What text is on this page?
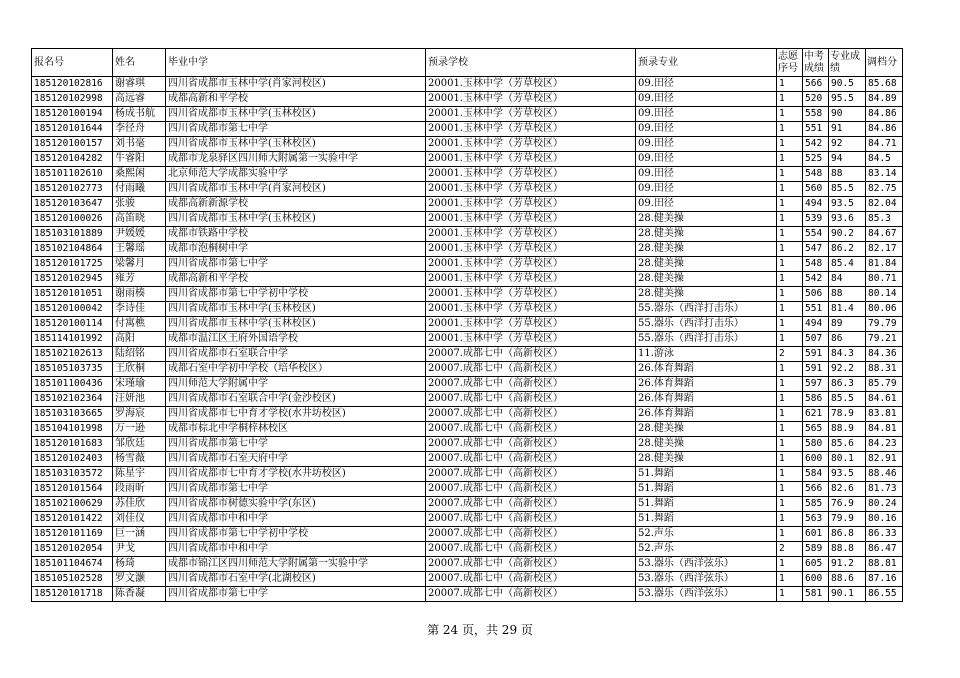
报名号	姓名	毕业中学	预录学校	预录专业	志愿序号	中考成绩	专业成绩	调档分
185120102816	谢睿琪	四川省成都市玉林中学(肖家河校区)	20001.玉林中学（芳草校区）	09.田径	1	566	90.5	85.68
185120102998	高远睿	成都高新和平学校	20001.玉林中学（芳草校区）	09.田径	1	520	95.5	84.89
185120100194	杨成书航	四川省成都市玉林中学(玉林校区)	20001.玉林中学（芳草校区）	09.田径	1	558	90	84.86
185120101644	李径舟	四川省成都市第七中学	20001.玉林中学（芳草校区）	09.田径	1	551	91	84.86
185120100157	刘书毫	四川省成都市玉林中学(玉林校区)	20001.玉林中学（芳草校区）	09.田径	1	542	92	84.71
185120104282	牛睿阳	成都市龙泉驿区四川师大附属第一实验中学	20001.玉林中学（芳草校区）	09.田径	1	525	94	84.5
185101102610	桑熙闲	北京师范大学成都实验中学	20001.玉林中学（芳草校区）	09.田径	1	548	88	83.14
185120102773	付雨曦	四川省成都市玉林中学(肖家河校区)	20001.玉林中学（芳草校区）	09.田径	1	560	85.5	82.75
185120103647	张骏	成都高新新源学校	20001.玉林中学（芳草校区）	09.田径	1	494	93.5	82.04
185120100026	高笛晓	四川省成都市玉林中学(玉林校区)	20001.玉林中学（芳草校区）	28.健美操	1	539	93.6	85.3
185103101889	尹媛媛	成都市铁路中学校	20001.玉林中学（芳草校区）	28.健美操	1	554	90.2	84.67
185102104864	王馨瑶	成都市泡桐树中学	20001.玉林中学（芳草校区）	28.健美操	1	547	86.2	82.17
185120101725	梁馨月	四川省成都市第七中学	20001.玉林中学（芳草校区）	28.健美操	1	548	85.4	81.84
185120102945	雍芳	成都高新和平学校	20001.玉林中学（芳草校区）	28.健美操	1	542	84	80.71
185120101051	谢雨楱	四川省成都市第七中学初中学校	20001.玉林中学（芳草校区）	28.健美操	1	506	88	80.14
185120100042	李诗佳	四川省成都市玉林中学(玉林校区)	20001.玉林中学（芳草校区）	55.器乐（西洋打击乐）	1	551	81.4	80.06
185120100114	付寓樵	四川省成都市玉林中学(玉林校区)	20001.玉林中学（芳草校区）	55.器乐（西洋打击乐）	1	494	89	79.79
185114101992	高阳	成都市温江区王府外国语学校	20001.玉林中学（芳草校区）	55.器乐（西洋打击乐）	1	507	86	79.21
185102102613	陆绍铭	四川省成都市石室联合中学	20007.成都七中（高新校区）	11.游泳	2	591	84.3	84.36
185105103735	王欣桐	成都石室中学初中学校（培华校区）	20007.成都七中（高新校区）	26.体育舞蹈	1	591	92.2	88.31
185101100436	宋瑾瑜	四川师范大学附属中学	20007.成都七中（高新校区）	26.体育舞蹈	1	597	86.3	85.79
185102102364	汪妍池	四川省成都市石室联合中学(金沙校区)	20007.成都七中（高新校区）	26.体育舞蹈	1	586	85.5	84.61
185103103665	罗海宸	四川省成都市七中育才学校(水井坊校区)	20007.成都七中（高新校区）	26.体育舞蹈	1	621	78.9	83.81
185104101998	万一逊	成都市棕北中学桐梓林校区	20007.成都七中（高新校区）	28.健美操	1	565	88.9	84.81
185120101683	邹欣廷	四川省成都市第七中学	20007.成都七中（高新校区）	28.健美操	1	580	85.6	84.23
185120102403	杨雪薇	四川省成都市石室天府中学	20007.成都七中（高新校区）	28.健美操	1	600	80.1	82.91
185103103572	陈星宇	四川省成都市七中育才学校(水井坊校区)	20007.成都七中（高新校区）	51.舞蹈	1	584	93.5	88.46
185120101564	段雨昕	四川省成都市第七中学	20007.成都七中（高新校区）	51.舞蹈	1	566	82.6	81.73
185102100629	苏佳欣	四川省成都市树德实验中学(东区)	20007.成都七中（高新校区）	51.舞蹈	1	585	76.9	80.24
185120101422	刘佳仪	四川省成都市中和中学	20007.成都七中（高新校区）	51.舞蹈	1	563	79.9	80.16
185120101169	巨一涵	四川省成都市第七中学初中学校	20007.成都七中（高新校区）	52.声乐	1	601	86.8	86.33
185120102054	尹戈	四川省成都市中和中学	20007.成都七中（高新校区）	52.声乐	2	589	88.8	86.47
185101104674	杨琦	成都市锦江区四川师范大学附属第一实验中学	20007.成都七中（高新校区）	53.器乐（西洋弦乐）	1	605	91.2	88.81
185105102528	罗文灏	四川省成都市石室中学(北湖校区)	20007.成都七中（高新校区）	53.器乐（西洋弦乐）	1	600	88.6	87.16
185120101718	陈香凝	四川省成都市第七中学	20007.成都七中（高新校区）	53.器乐（西洋弦乐）	1	581	90.1	86.55
第 24 页，共 29 页
